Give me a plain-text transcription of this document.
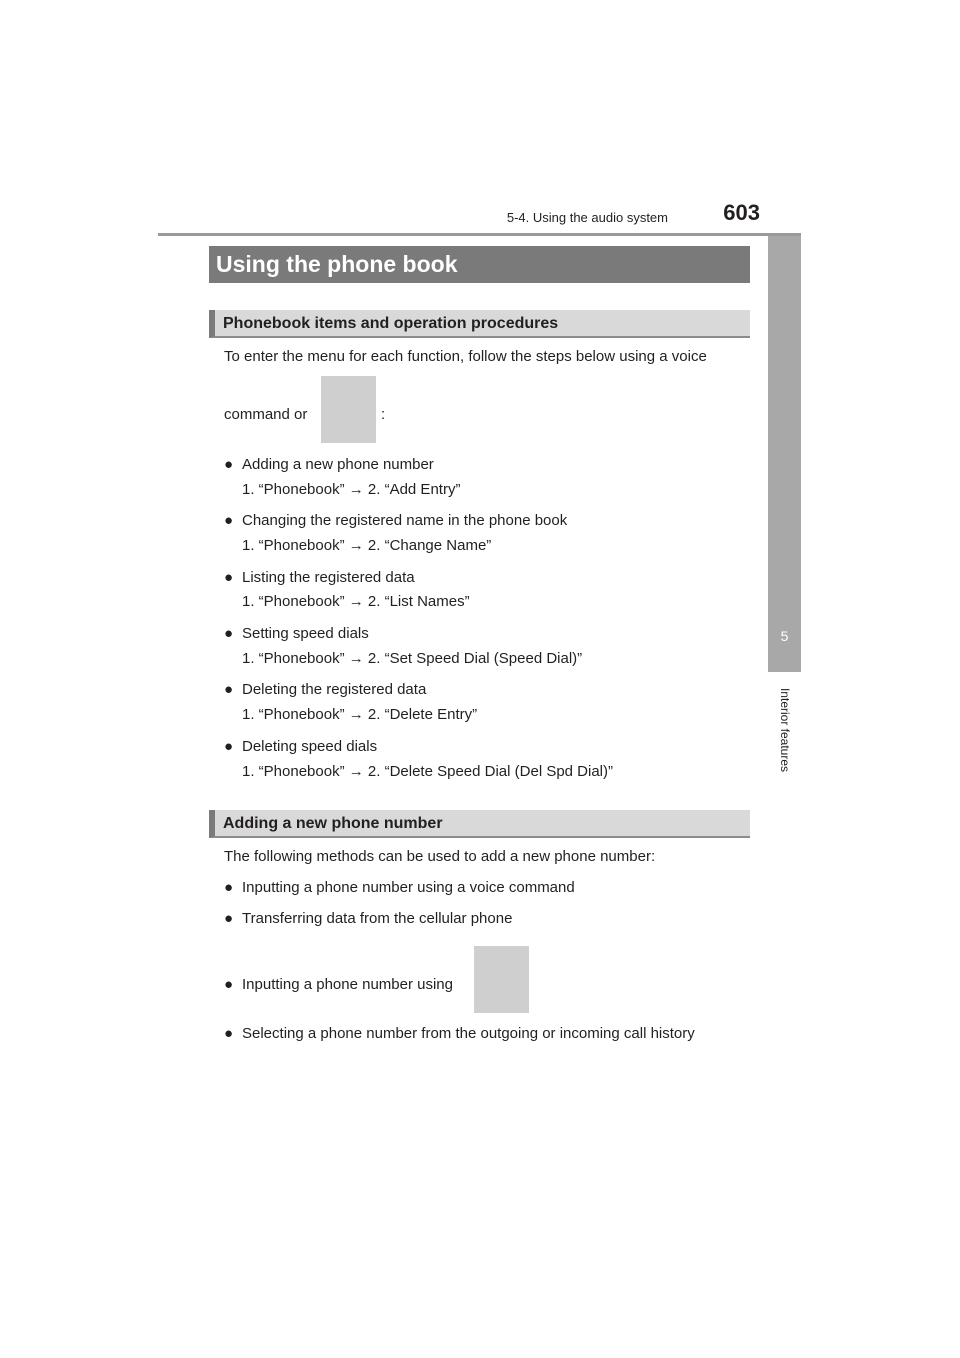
5-4. Using the audio system	603
5
Interior features
Using the phone book
Phonebook items and operation procedures
To enter the menu for each function, follow the steps below using a voice
command or	:
● Adding a new phone number
1. “Phonebook” → 2. “Add Entry”
● Changing the registered name in the phone book
1. “Phonebook” → 2. “Change Name”
● Listing the registered data
1. “Phonebook” → 2. “List Names”
● Setting speed dials
1. “Phonebook” → 2. “Set Speed Dial (Speed Dial)”
● Deleting the registered data
1. “Phonebook” → 2. “Delete Entry”
● Deleting speed dials
1. “Phonebook” → 2. “Delete Speed Dial (Del Spd Dial)”
Adding a new phone number
The following methods can be used to add a new phone number:
● Inputting a phone number using a voice command
● Transferring data from the cellular phone
● Inputting a phone number using
● Selecting a phone number from the outgoing or incoming call history
